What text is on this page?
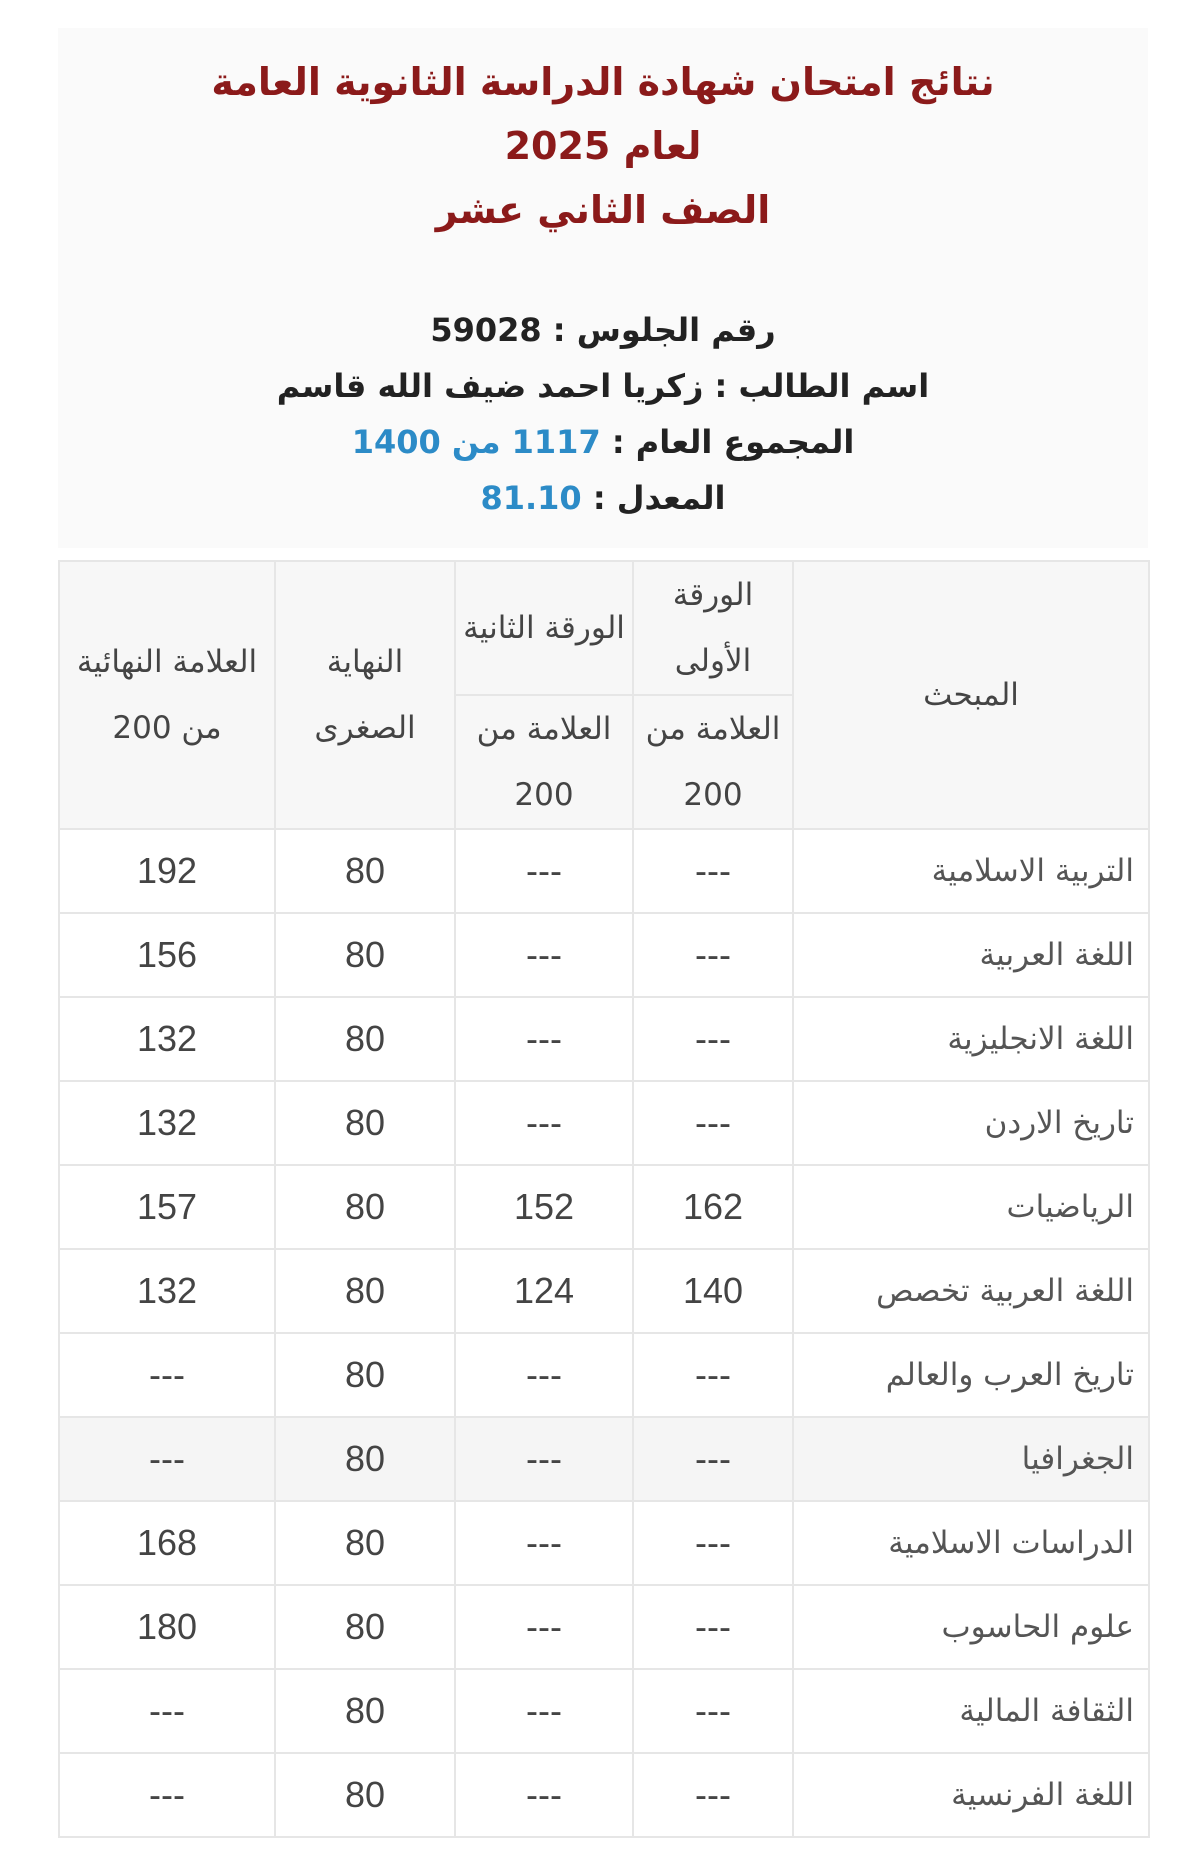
نتائج امتحان شهادة الدراسة الثانوية العامة
لعام 2025
الصف الثاني عشر
رقم الجلوس : 59028
اسم الطالب : زكريا احمد ضيف الله قاسم
المجموع العام : 1117 من 1400
المعدل : 81.10
المبحث	الورقة الأولى	الورقة الثانية	النهاية الصغرى	العلامة النهائية من 200
	العلامة من 200	العلامة من 200		
التربية الاسلامية	---	---	80	192
اللغة العربية	---	---	80	156
اللغة الانجليزية	---	---	80	132
تاريخ الاردن	---	---	80	132
الرياضيات	162	152	80	157
اللغة العربية تخصص	140	124	80	132
تاريخ العرب والعالم	---	---	80	---
الجغرافيا	---	---	80	---
الدراسات الاسلامية	---	---	80	168
علوم الحاسوب	---	---	80	180
الثقافة المالية	---	---	80	---
اللغة الفرنسية	---	---	80	---
